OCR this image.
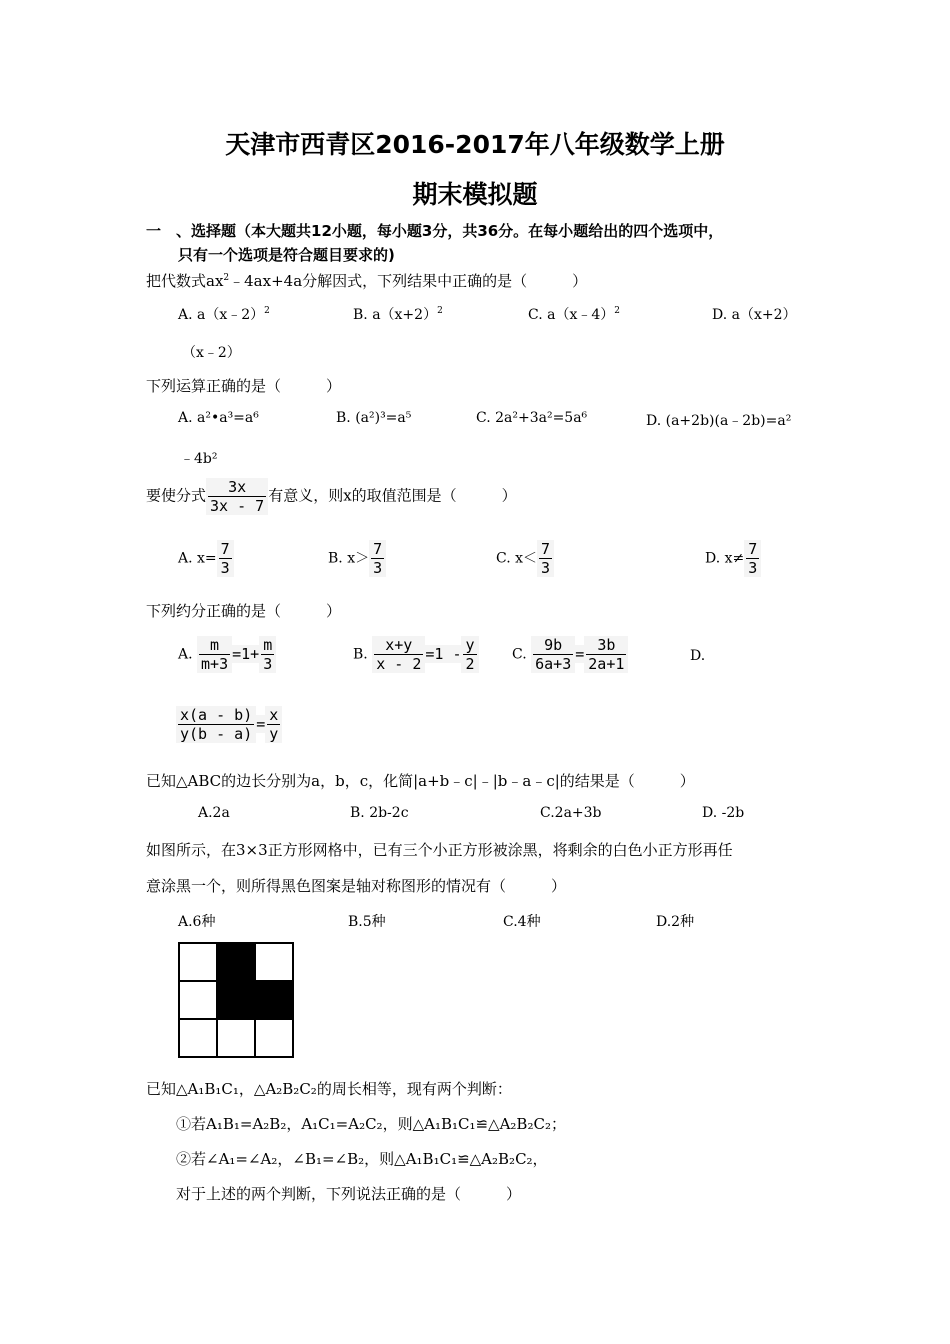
天津市西青区2016-2017年八年级数学上册
期末模拟题
一 、选择题（本大题共12小题，每小题3分，共36分。在每小题给出的四个选项中，
只有一个选项是符合题目要求的)
把代数式$ax^2﹣4ax+4a$分解因式，下列结果中正确的是（　　　）
A. a（x﹣2）$^2$	B. $a(x+2)^2$	C. a（x﹣4）$^2$	D. a（x+2）
（x﹣2）
下列运算正确的是（　　　）
A. a²•a³=a⁶	B. (a²)³=a⁵	C. 2a²+3a²=5a⁶	D. (a+2b)(a﹣2b)=a²
﹣4b²
要使分式 $\frac{3x}{3x - 7}$ 有意义，则x的取值范围是（　　　）
A. $x= \frac{7}{3}$	B. $x> \frac{7}{3}$	C. $x< \frac{7}{3}$	D. $x\ne \frac{7}{3}$
下列约分正确的是（　　　）
A. $\frac{m}{m+3} =1+ \frac{m}{3}$	B. $\frac{x+y}{x - 2} =1 - \frac{y}{2} C$. $\frac{9b}{6a+3} = \frac{3b}{2a+1}$	D.
$\frac{x(a - b)}{y(b - a)} = \frac{x}{y}$
已知△ABC的边长分别为a，b，c，化简|a+b﹣c|﹣|b﹣a﹣c|的结果是（　　　）
A.2a	B. 2b-2c	C.2a+3b	D. -2b
如图所示，在3×3正方形网格中，已有三个小正方形被涂黑，将剩余的白色小正方形再任
意涂黑一个，则所得黑色图案是轴对称图形的情况有（　　　）
A.6种	B.5种	C.4种	D.2种

已知△A₁B₁C₁，△A₂B₂C₂的周长相等，现有两个判断：
①若A₁B₁=A₂B₂，A₁C₁=A₂C₂，则△A₁B₁C₁≌△A₂B₂C₂；
②若∠A₁=∠A₂，∠B₁=∠B₂，则△A₁B₁C₁≌△A₂B₂C₂，
对于上述的两个判断，下列说法正确的是（　　　）
